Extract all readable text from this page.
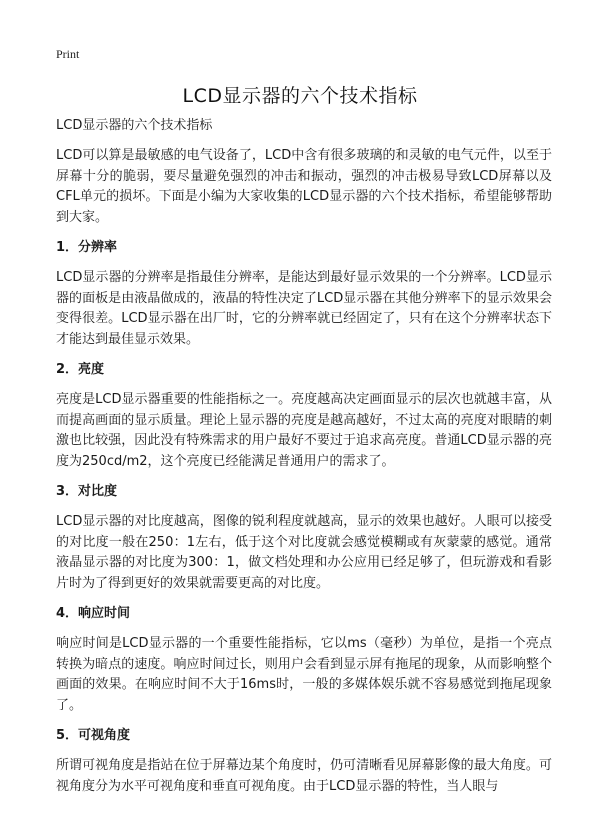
Print
LCD显示器的六个技术指标

LCD显示器的六个技术指标

LCD可以算是最敏感的电气设备了，LCD中含有很多玻璃的和灵敏的电气元件，以至于屏幕十分的脆弱，要尽量避免强烈的冲击和振动，强烈的冲击极易导致LCD屏幕以及CFL单元的损坏。下面是小编为大家收集的LCD显示器的六个技术指标，希望能够帮助到大家。

1．分辨率

LCD显示器的分辨率是指最佳分辨率，是能达到最好显示效果的一个分辨率。LCD显示器的面板是由液晶做成的，液晶的特性决定了LCD显示器在其他分辨率下的显示效果会变得很差。LCD显示器在出厂时，它的分辨率就已经固定了，只有在这个分辨率状态下才能达到最佳显示效果。

2．亮度

亮度是LCD显示器重要的性能指标之一。亮度越高决定画面显示的层次也就越丰富，从而提高画面的显示质量。理论上显示器的亮度是越高越好，不过太高的亮度对眼睛的刺激也比较强，因此没有特殊需求的用户最好不要过于追求高亮度。普通LCD显示器的亮度为250cd/m2，这个亮度已经能满足普通用户的需求了。

3．对比度

LCD显示器的对比度越高，图像的锐利程度就越高，显示的效果也越好。人眼可以接受的对比度一般在250：1左右，低于这个对比度就会感觉模糊或有灰蒙蒙的感觉。通常液晶显示器的对比度为300：1，做文档处理和办公应用已经足够了，但玩游戏和看影片时为了得到更好的效果就需要更高的对比度。

4．响应时间

响应时间是LCD显示器的一个重要性能指标，它以ms（毫秒）为单位，是指一个亮点转换为暗点的速度。响应时间过长，则用户会看到显示屏有拖尾的现象，从而影响整个画面的效果。在响应时间不大于16ms时，一般的多媒体娱乐就不容易感觉到拖尾现象了。

5．可视角度

所谓可视角度是指站在位于屏幕边某个角度时，仍可清晰看见屏幕影像的最大角度。可视角度分为水平可视角度和垂直可视角度。由于LCD显示器的特性，当人眼与
